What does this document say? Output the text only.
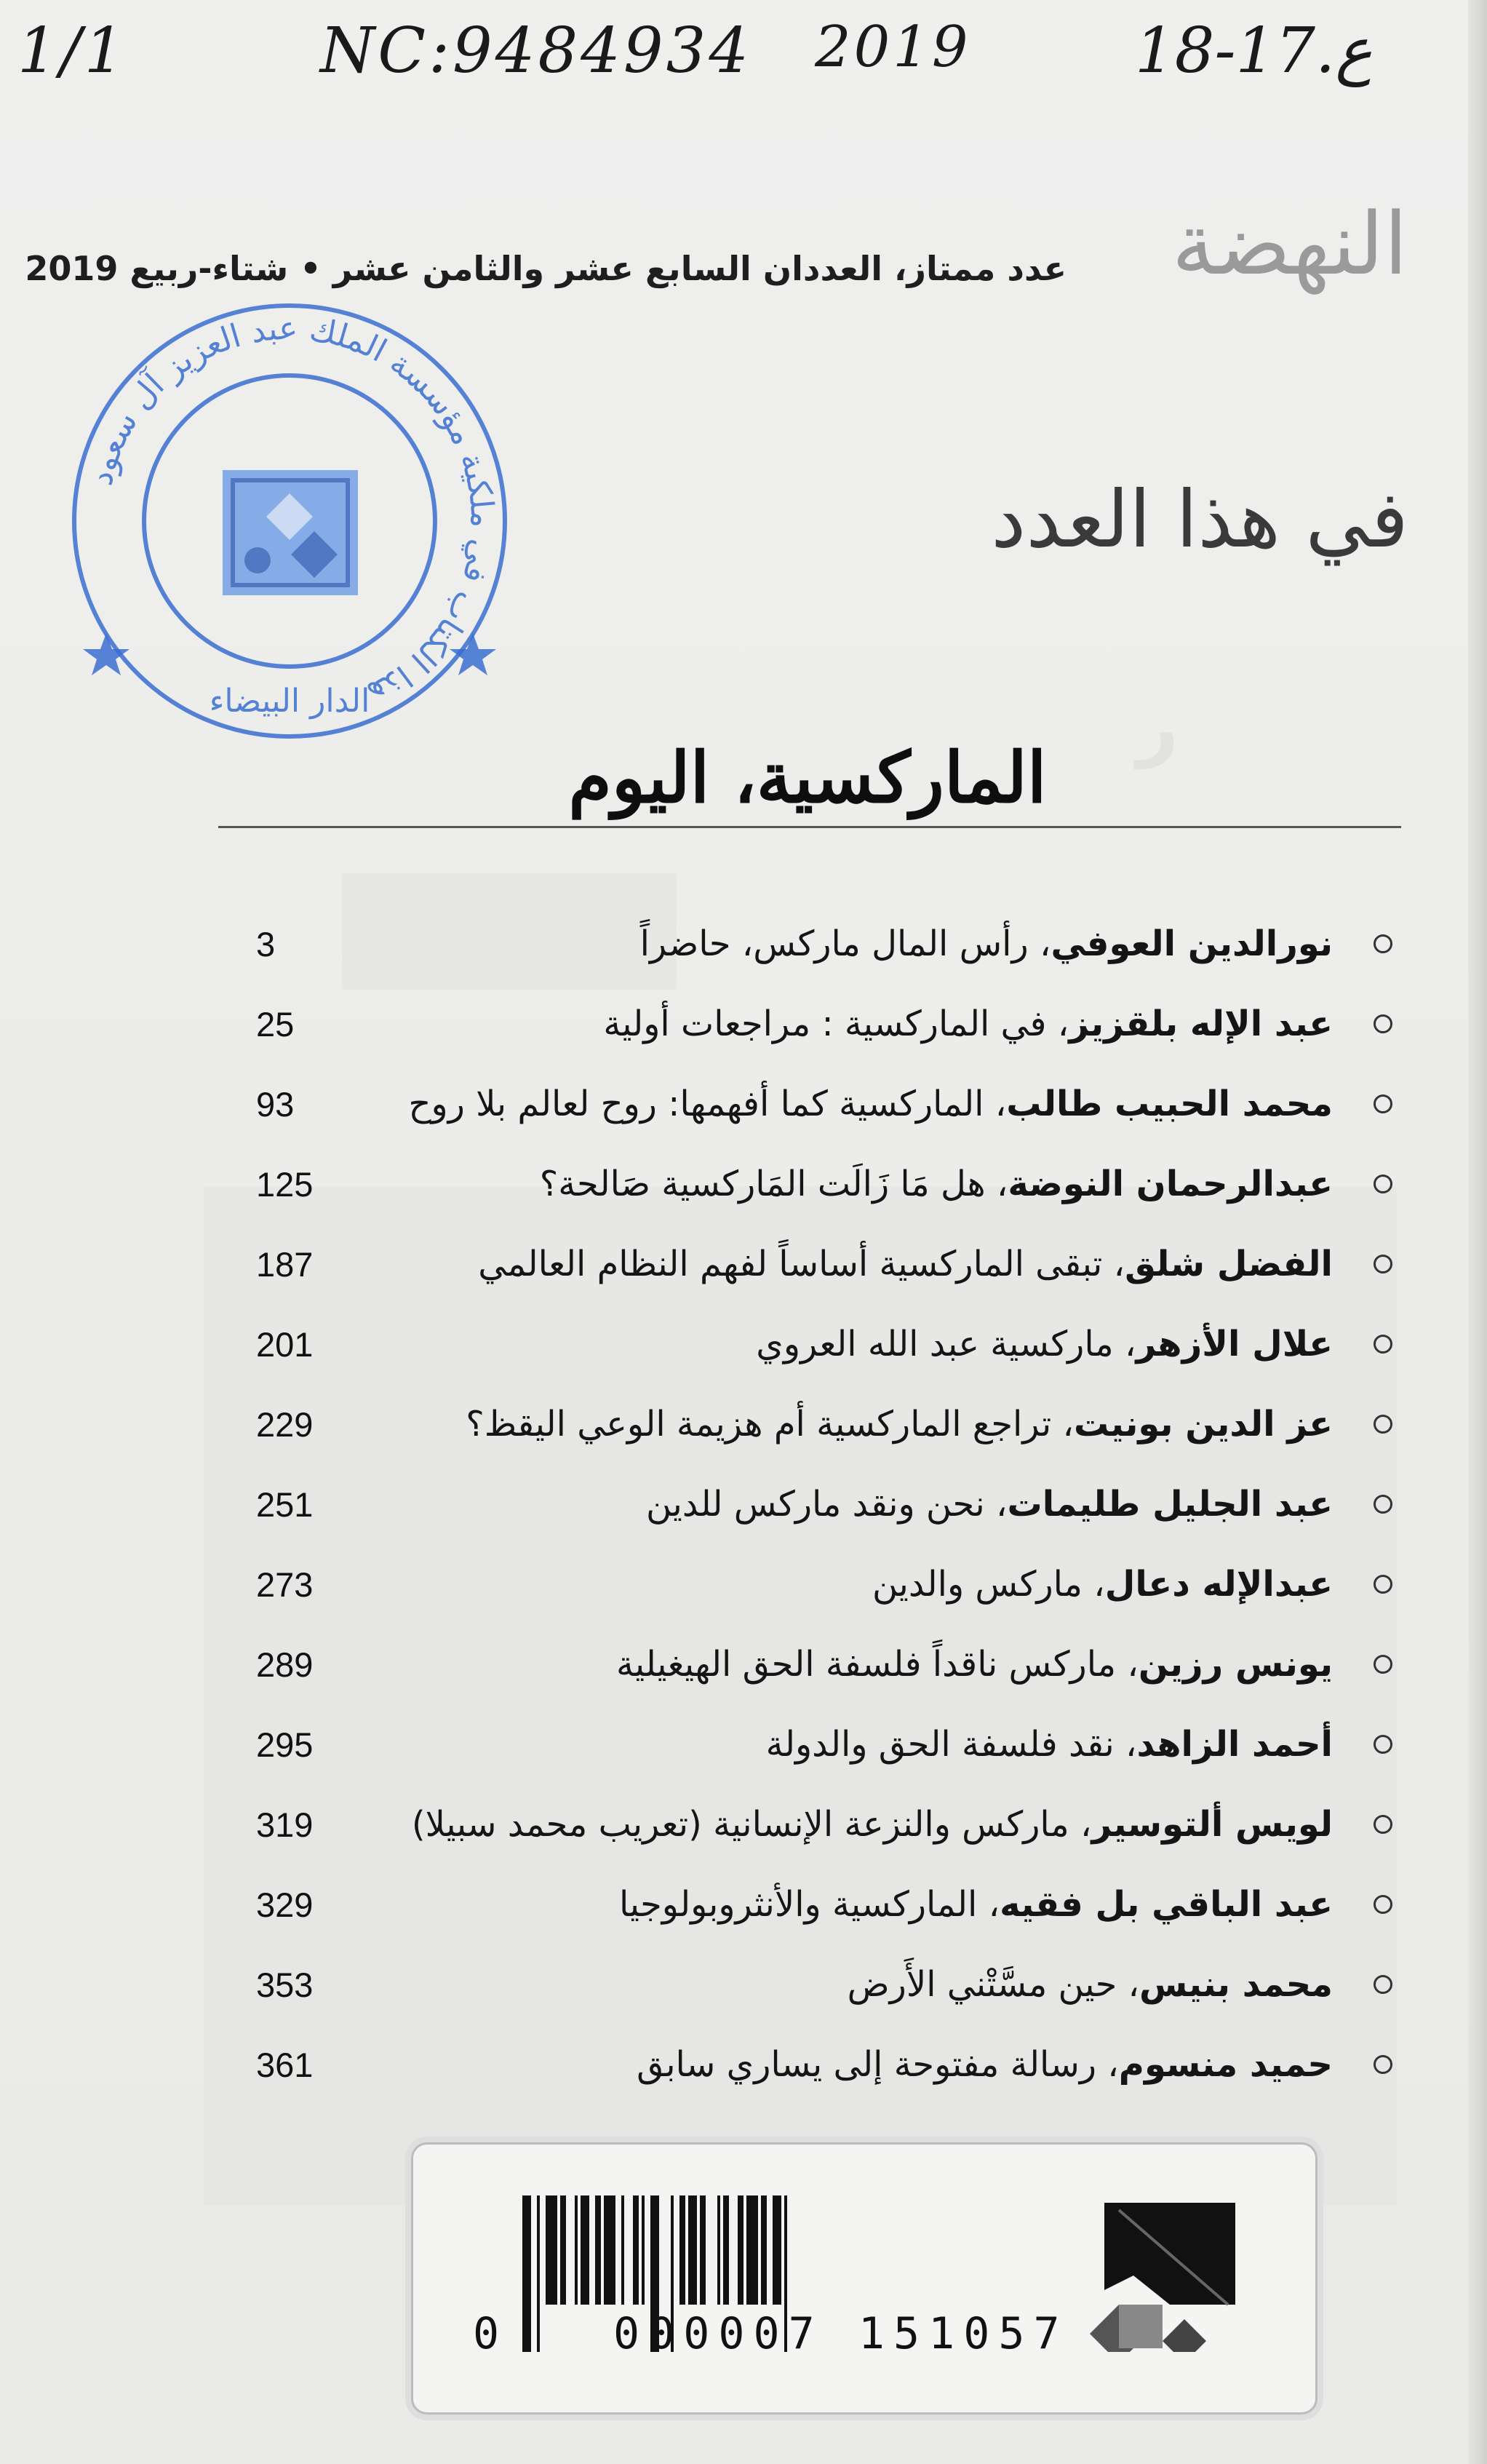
1/1	NC:9484934 2019	ع.17-18
النهضة
عدد ممتاز، العددان السابع عشر والثامن عشر • شتاء-ربيع 2019
في هذا العدد
هذا الكتاب في ملكية مؤسسة الملك عبد العزيز آل سعود
الدار البيضاء	ر
الماركسية، اليوم
3	نورالدين العوفي، رأس المال ماركس، حاضراً
25	عبد الإله بلقزيز، في الماركسية : مراجعات أولية
93	محمد الحبيب طالب، الماركسية كما أفهمها: روح لعالم بلا روح
125	عبدالرحمان النوضة، هل مَا زَالَت المَاركسية صَالحة؟
187	الفضل شلق، تبقى الماركسية أساساً لفهم النظام العالمي
201	علال الأزهر، ماركسية عبد الله العروي
229	عز الدين بونيت، تراجع الماركسية أم هزيمة الوعي اليقظ؟
251	عبد الجليل طليمات، نحن ونقد ماركس للدين
273	عبدالإله دعال، ماركس والدين
289	يونس رزين، ماركس ناقداً فلسفة الحق الهيغيلية
295	أحمد الزاهد، نقد فلسفة الحق والدولة
319	لويس ألتوسير، ماركس والنزعة الإنسانية (تعريب محمد سبيلا)
329	عبد الباقي بل فقيه، الماركسية والأنثروبولوجيا
353	محمد بنيس، حين مسَّتْني الأَرض
361	حميد منسوم، رسالة مفتوحة إلى يساري سابق
0	000007 151057
